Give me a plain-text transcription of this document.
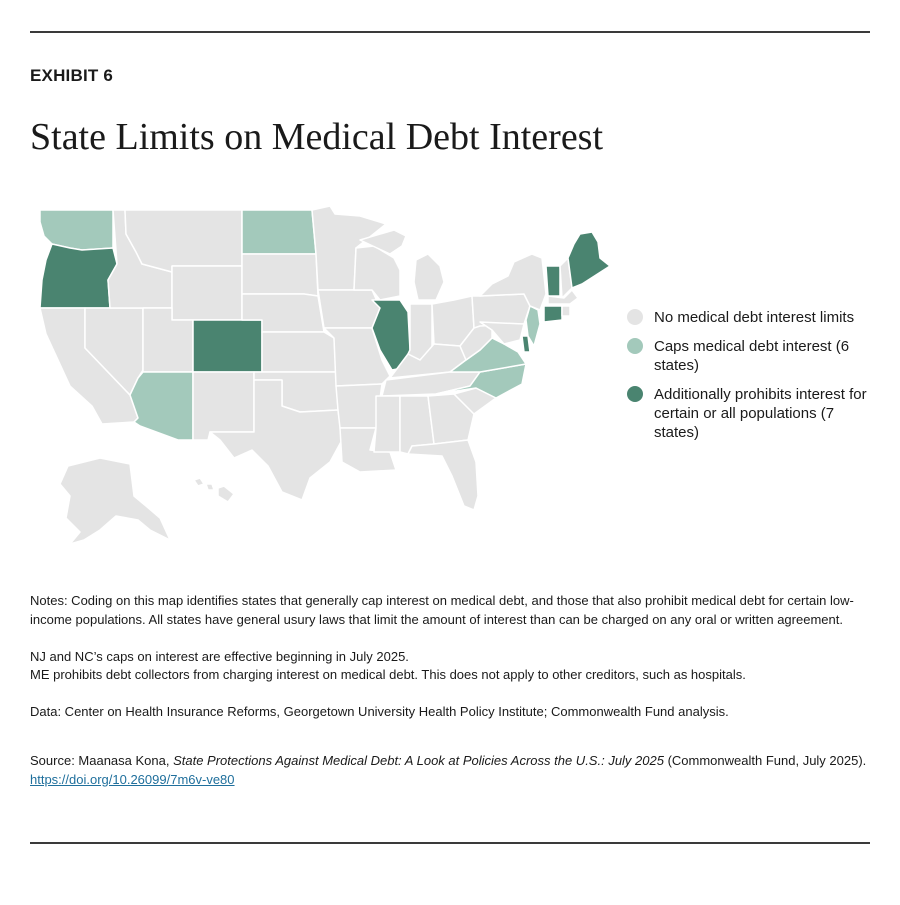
EXHIBIT 6
State Limits on Medical Debt Interest
No medical debt interest limits
Caps medical debt interest (6 states)
Additionally prohibits interest for certain or all populations (7 states)

Notes: Coding on this map identifies states that generally cap interest on medical debt, and those that also prohibit medical debt for certain low-income populations. All states have general usury laws that limit the amount of interest than can be charged on any oral or written agreement.

NJ and NC’s caps on interest are effective beginning in July 2025.

ME prohibits debt collectors from charging interest on medical debt. This does not apply to other creditors, such as hospitals.

Data: Center on Health Insurance Reforms, Georgetown University Health Policy Institute; Commonwealth Fund analysis.

Source: Maanasa Kona, State Protections Against Medical Debt: A Look at Policies Across the U.S.: July 2025 (Commonwealth Fund, July 2025). https://doi.org/10.26099/7m6v-ve80
